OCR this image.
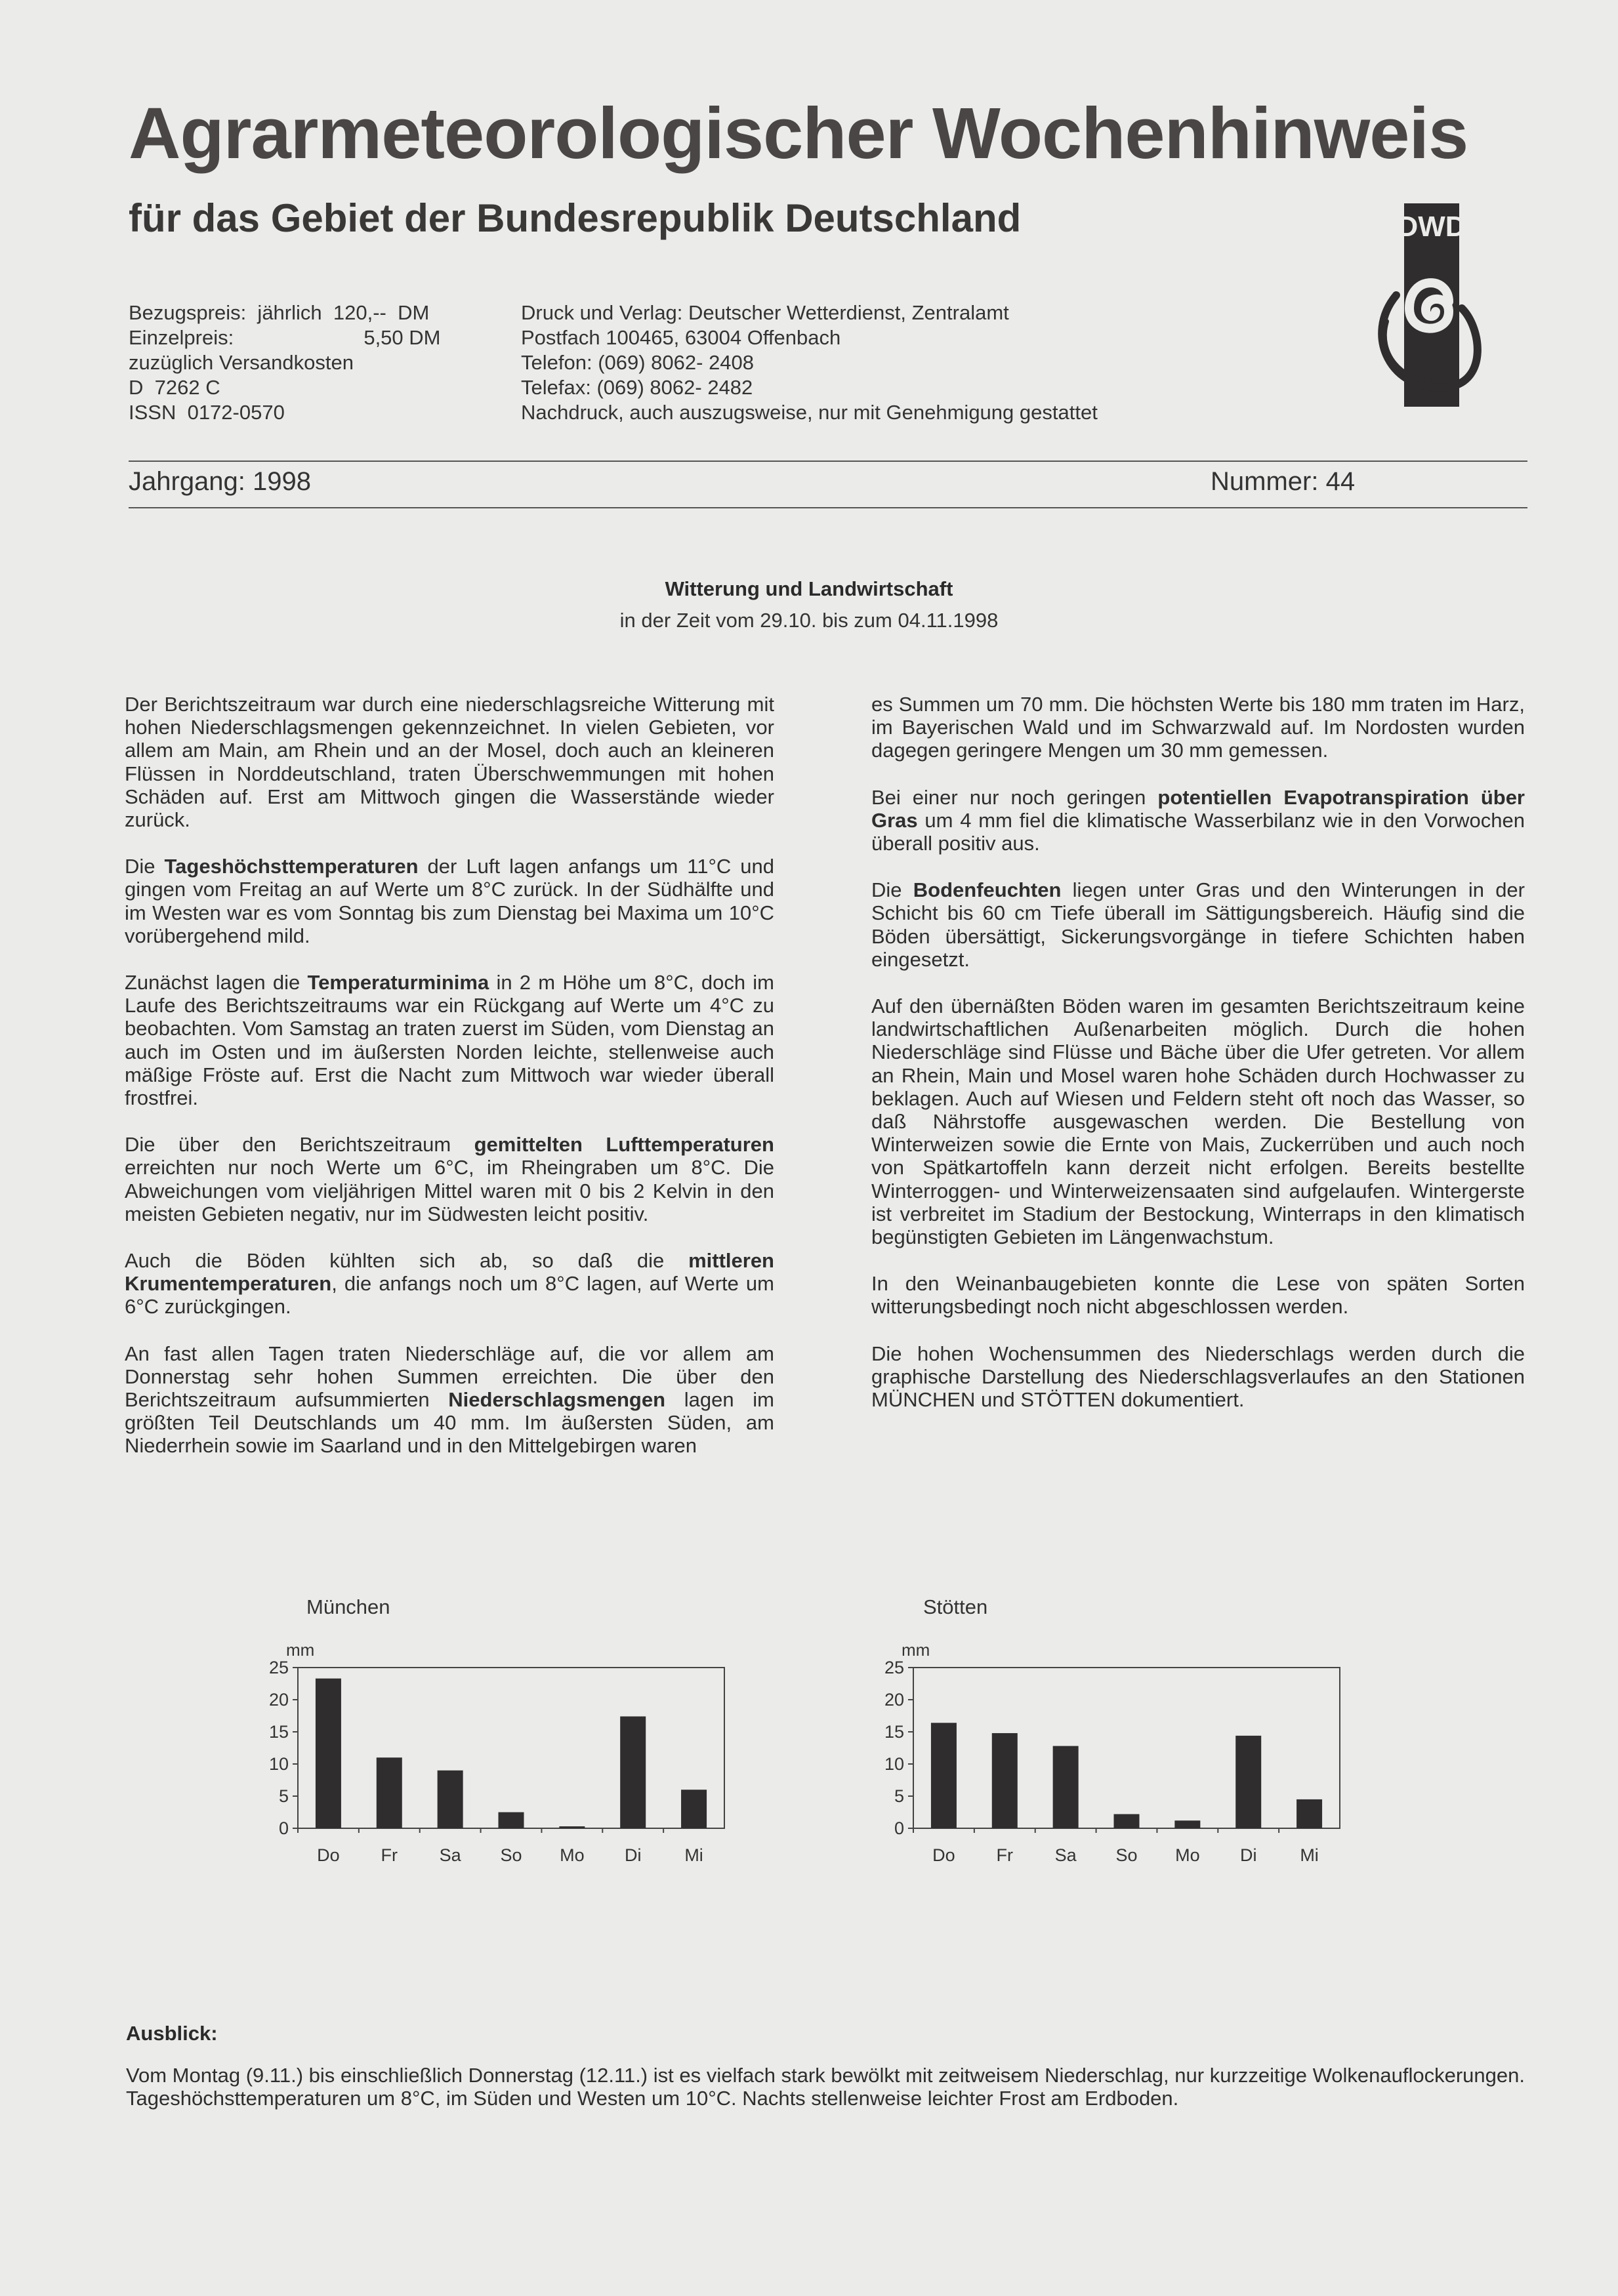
Agrarmeteorologischer Wochenhinweis
für das Gebiet der Bundesrepublik Deutschland	DWD
Bezugspreis:  jährlich  120,--  DM
Einzelpreis:                       5,50 DM
zuzüglich Versandkosten
D  7262 C
ISSN  0172-0570
Druck und Verlag: Deutscher Wetterdienst, Zentralamt
Postfach 100465, 63004 Offenbach
Telefon: (069) 8062- 2408
Telefax: (069) 8062- 2482
Nachdruck, auch auszugsweise, nur mit Genehmigung gestattet
Jahrgang: 1998	Nummer: 44
Witterung und Landwirtschaft
in der Zeit vom 29.10. bis zum 04.11.1998

Der Berichtszeitraum war durch eine niederschlagsreiche Witterung mit hohen Niederschlagsmengen gekennzeichnet. In vielen Gebieten, vor allem am Main, am Rhein und an der Mosel, doch auch an kleineren Flüssen in Norddeutschland, traten Überschwemmungen mit hohen Schäden auf. Erst am Mittwoch gingen die Wasserstände wieder zurück.

Die Tageshöchsttemperaturen der Luft lagen anfangs um 11°C und gingen vom Freitag an auf Werte um 8°C zurück. In der Südhälfte und im Westen war es vom Sonntag bis zum Dienstag bei Maxima um 10°C vorübergehend mild.

Zunächst lagen die Temperaturminima in 2 m Höhe um 8°C, doch im Laufe des Berichtszeitraums war ein Rückgang auf Werte um 4°C zu beobachten. Vom Samstag an traten zuerst im Süden, vom Dienstag an auch im Osten und im äußersten Norden leichte, stellenweise auch mäßige Fröste auf. Erst die Nacht zum Mittwoch war wieder überall frostfrei.

Die über den Berichtszeitraum gemittelten Lufttemperaturen erreichten nur noch Werte um 6°C, im Rheingraben um 8°C. Die Abweichungen vom vieljährigen Mittel waren mit 0 bis 2 Kelvin in den meisten Gebieten negativ, nur im Südwesten leicht positiv.

Auch die Böden kühlten sich ab, so daß die mittleren Krumentemperaturen, die anfangs noch um 8°C lagen, auf Werte um 6°C zurückgingen.

An fast allen Tagen traten Niederschläge auf, die vor allem am Donnerstag sehr hohen Summen erreichten. Die über den Berichtszeitraum aufsummierten Niederschlagsmengen lagen im größten Teil Deutschlands um 40 mm. Im äußersten Süden, am Niederrhein sowie im Saarland und in den Mittelgebirgen waren

es Summen um 70 mm. Die höchsten Werte bis 180 mm traten im Harz, im Bayerischen Wald und im Schwarzwald auf. Im Nordosten wurden dagegen geringere Mengen um 30 mm gemessen.

Bei einer nur noch geringen potentiellen Evapotranspiration über Gras um 4 mm fiel die klimatische Wasserbilanz wie in den Vorwochen überall positiv aus.

Die Bodenfeuchten liegen unter Gras und den Winterungen in der Schicht bis 60 cm Tiefe überall im Sättigungsbereich. Häufig sind die Böden übersättigt, Sickerungsvorgänge in tiefere Schichten haben eingesetzt.

Auf den übernäßten Böden waren im gesamten Berichtszeitraum keine landwirtschaftlichen Außenarbeiten möglich. Durch die hohen Niederschläge sind Flüsse und Bäche über die Ufer getreten. Vor allem an Rhein, Main und Mosel waren hohe Schäden durch Hochwasser zu beklagen. Auch auf Wiesen und Feldern steht oft noch das Wasser, so daß Nährstoffe ausgewaschen werden. Die Bestellung von Winterweizen sowie die Ernte von Mais, Zuckerrüben und auch noch von Spätkartoffeln kann derzeit nicht erfolgen. Bereits bestellte Winterroggen- und Winterweizensaaten sind aufgelaufen. Wintergerste ist verbreitet im Stadium der Bestockung, Winterraps in den klimatisch begünstigten Gebieten im Längenwachstum.

In den Weinanbaugebieten konnte die Lese von späten Sorten witterungsbedingt noch nicht abgeschlossen werden.

Die hohen Wochensummen des Niederschlags werden durch die graphische Darstellung des Niederschlagsverlaufes an den Stationen MÜNCHEN und STÖTTEN dokumentiert.

München
mm
0
5
10
15
20
25
Do Fr Sa So Mo Di Mi
Stötten
mm
0
5
10
15
20
25
Do Fr Sa So Mo Di Mi
Ausblick:
Vom Montag (9.11.) bis einschließlich Donnerstag (12.11.) ist es vielfach stark bewölkt mit zeitweisem Niederschlag, nur kurzzeitige Wolkenauflockerungen. Tageshöchsttemperaturen um 8°C, im Süden und Westen um 10°C. Nachts stellenweise leichter Frost am Erdboden.
